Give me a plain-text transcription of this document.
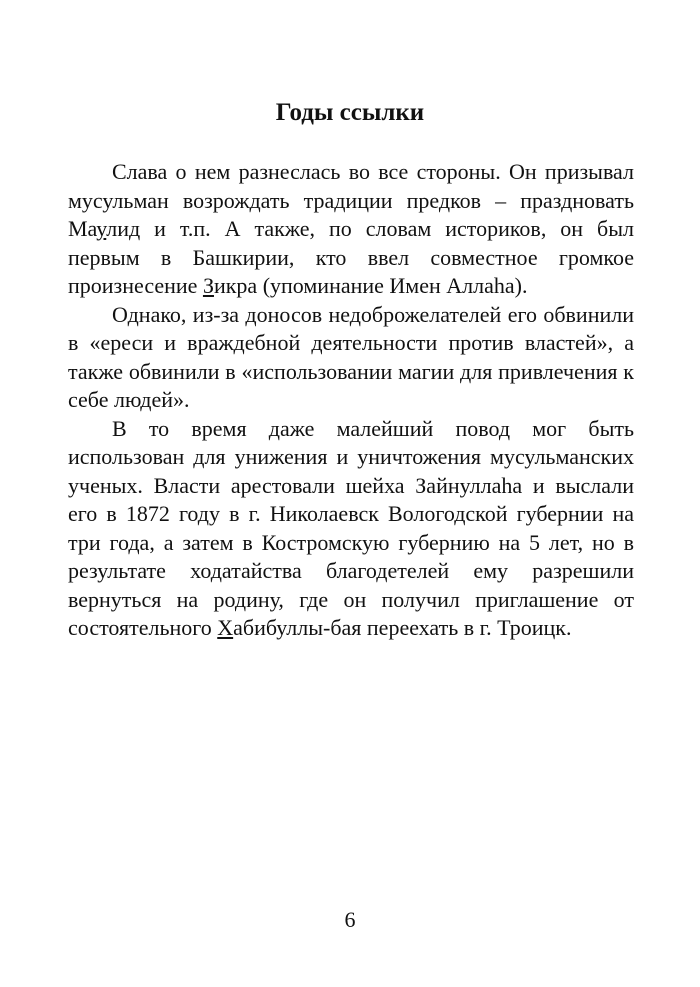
Годы ссылки

Слава о нем разнеслась во все стороны. Он призывал мусульман возрождать традиции предков – праздновать Маулид и т.п. А также, по словам историков, он был первым в Башкирии, кто ввел совместное громкое произнесение Зикра (упоминание Имен Аллаhа).

Однако, из-за доносов недоброжелателей его обвинили в «ереси и враждебной деятельности против властей», а также обвинили в «использовании магии для привлечения к себе людей».

В то время даже малейший повод мог быть использован для унижения и уничтожения мусульманских ученых. Власти арестовали шейха Зайнуллаhа и выслали его в 1872 году в г. Николаевск Вологодской губернии на три года, а затем в Костромскую губернию на 5 лет, но в результате ходатайства благодетелей ему разрешили вернуться на родину, где он получил приглашение от состоятельного Хабибуллы-бая переехать в г. Троицк.

6
